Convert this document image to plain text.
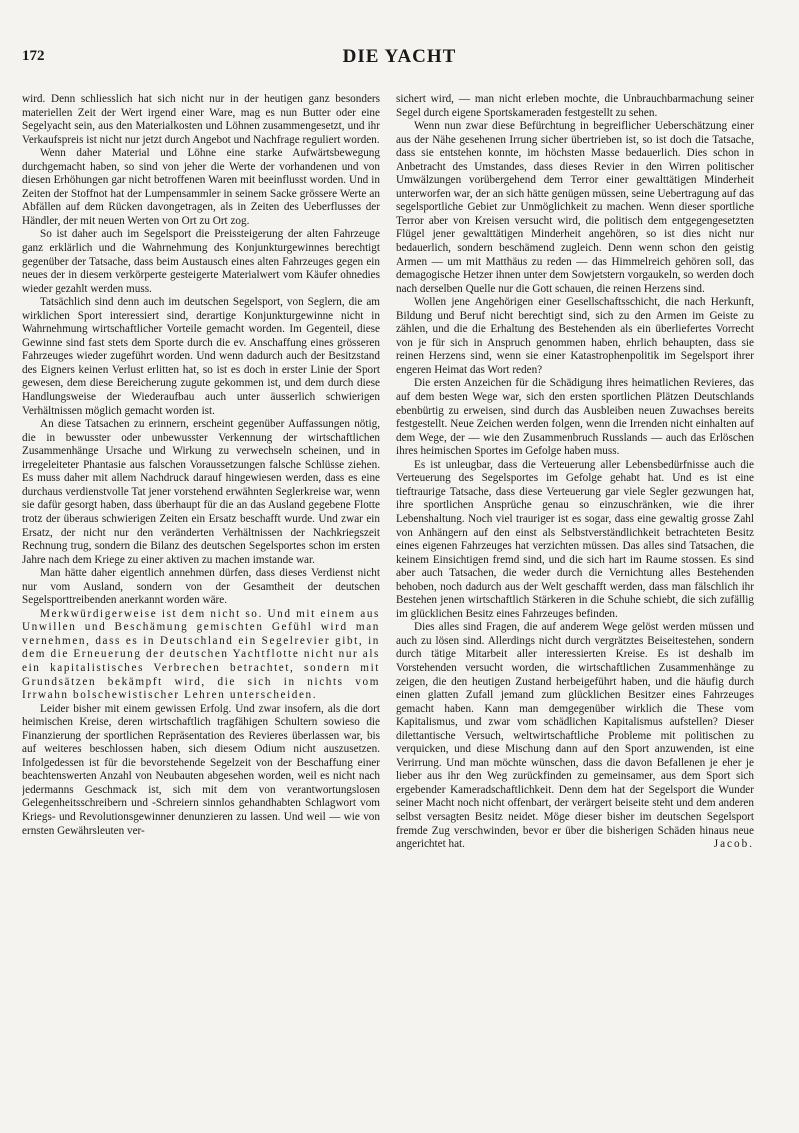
172	DIE YACHT

wird. Denn schliesslich hat sich nicht nur in der heutigen ganz besonders materiellen Zeit der Wert irgend einer Ware, mag es nun Butter oder eine Segelyacht sein, aus den Materialkosten und Löhnen zusammengesetzt, und ihr Verkaufspreis ist nicht nur jetzt durch Angebot und Nachfrage reguliert worden.

Wenn daher Material und Löhne eine starke Aufwärtsbewegung durchgemacht haben, so sind von jeher die Werte der vorhandenen und von diesen Erhöhungen gar nicht betroffenen Waren mit beeinflusst worden. Und in Zeiten der Stoffnot hat der Lumpensammler in seinem Sacke grössere Werte an Abfällen auf dem Rücken davongetragen, als in Zeiten des Ueberflusses der Händler, der mit neuen Werten von Ort zu Ort zog.

So ist daher auch im Segelsport die Preissteigerung der alten Fahrzeuge ganz erklärlich und die Wahrnehmung des Konjunkturgewinnes berechtigt gegenüber der Tatsache, dass beim Austausch eines alten Fahrzeuges gegen ein neues der in diesem verkörperte gesteigerte Materialwert vom Käufer ohnedies wieder gezahlt werden muss.

Tatsächlich sind denn auch im deutschen Segelsport, von Seglern, die am wirklichen Sport interessiert sind, derartige Konjunkturgewinne nicht in Wahrnehmung wirtschaftlicher Vorteile gemacht worden. Im Gegenteil, diese Gewinne sind fast stets dem Sporte durch die ev. Anschaffung eines grösseren Fahrzeuges wieder zugeführt worden. Und wenn dadurch auch der Besitzstand des Eigners keinen Verlust erlitten hat, so ist es doch in erster Linie der Sport gewesen, dem diese Bereicherung zugute gekommen ist, und dem durch diese Handlungsweise der Wiederaufbau auch unter äusserlich schwierigen Verhältnissen möglich gemacht worden ist.

An diese Tatsachen zu erinnern, erscheint gegenüber Auffassungen nötig, die in bewusster oder unbewusster Verkennung der wirtschaftlichen Zusammenhänge Ursache und Wirkung zu verwechseln scheinen, und in irregeleiteter Phantasie aus falschen Voraussetzungen falsche Schlüsse ziehen. Es muss daher mit allem Nachdruck darauf hingewiesen werden, dass es eine durchaus verdienstvolle Tat jener vorstehend erwähnten Seglerkreise war, wenn sie dafür gesorgt haben, dass überhaupt für die an das Ausland gegebene Flotte trotz der überaus schwierigen Zeiten ein Ersatz beschafft wurde. Und zwar ein Ersatz, der nicht nur den veränderten Verhältnissen der Nachkriegszeit Rechnung trug, sondern die Bilanz des deutschen Segelsportes schon im ersten Jahre nach dem Kriege zu einer aktiven zu machen imstande war.

Man hätte daher eigentlich annehmen dürfen, dass dieses Verdienst nicht nur vom Ausland, sondern von der Gesamtheit der deutschen Segelsporttreibenden anerkannt worden wäre.

Merkwürdigerweise ist dem nicht so. Und mit einem aus Unwillen und Beschämung gemischten Gefühl wird man vernehmen, dass es in Deutschland ein Segelrevier gibt, in dem die Erneuerung der deutschen Yachtflotte nicht nur als ein kapitalistisches Verbrechen betrachtet, sondern mit Grundsätzen bekämpft wird, die sich in nichts vom Irrwahn bolschewistischer Lehren unterscheiden.

Leider bisher mit einem gewissen Erfolg. Und zwar insofern, als die dort heimischen Kreise, deren wirtschaftlich tragfähigen Schultern sowieso die Finanzierung der sportlichen Repräsentation des Revieres überlassen war, bis auf weiteres beschlossen haben, sich diesem Odium nicht auszusetzen. Infolgedessen ist für die bevorstehende Segelzeit von der Beschaffung einer beachtenswerten Anzahl von Neubauten abgesehen worden, weil es nicht nach jedermanns Geschmack ist, sich mit dem von verantwortungslosen Gelegenheitsschreibern und -Schreiern sinnlos gehandhabten Schlagwort vom Kriegs- und Revolutionsgewinner denunzieren zu lassen. Und weil — wie von ernsten Gewährsleuten ver-

sichert wird, — man nicht erleben mochte, die Unbrauchbarmachung seiner Segel durch eigene Sportskameraden festgestellt zu sehen.

Wenn nun zwar diese Befürchtung in begreiflicher Ueberschätzung einer aus der Nähe gesehenen Irrung sicher übertrieben ist, so ist doch die Tatsache, dass sie entstehen konnte, im höchsten Masse bedauerlich. Dies schon in Anbetracht des Umstandes, dass dieses Revier in den Wirren politischer Umwälzungen vorübergehend dem Terror einer gewalttätigen Minderheit unterworfen war, der an sich hätte genügen müssen, seine Uebertragung auf das segelsportliche Gebiet zur Unmöglichkeit zu machen. Wenn dieser sportliche Terror aber von Kreisen versucht wird, die politisch dem entgegengesetzten Flügel jener gewalttätigen Minderheit angehören, so ist dies nicht nur bedauerlich, sondern beschämend zugleich. Denn wenn schon den geistig Armen — um mit Matthäus zu reden — das Himmelreich gehören soll, das demagogische Hetzer ihnen unter dem Sowjetstern vorgaukeln, so werden doch nach derselben Quelle nur die Gott schauen, die reinen Herzens sind.

Wollen jene Angehörigen einer Gesellschaftsschicht, die nach Herkunft, Bildung und Beruf nicht berechtigt sind, sich zu den Armen im Geiste zu zählen, und die die Erhaltung des Bestehenden als ein überliefertes Vorrecht von je für sich in Anspruch genommen haben, ehrlich behaupten, dass sie reinen Herzens sind, wenn sie einer Katastrophenpolitik im Segelsport ihrer engeren Heimat das Wort reden?

Die ersten Anzeichen für die Schädigung ihres heimatlichen Revieres, das auf dem besten Wege war, sich den ersten sportlichen Plätzen Deutschlands ebenbürtig zu erweisen, sind durch das Ausbleiben neuen Zuwachses bereits festgestellt. Neue Zeichen werden folgen, wenn die Irrenden nicht einhalten auf dem Wege, der — wie den Zusammenbruch Russlands — auch das Erlöschen ihres heimischen Sportes im Gefolge haben muss.

Es ist unleugbar, dass die Verteuerung aller Lebensbedürfnisse auch die Verteuerung des Segelsportes im Gefolge gehabt hat. Und es ist eine tieftraurige Tatsache, dass diese Verteuerung gar viele Segler gezwungen hat, ihre sportlichen Ansprüche genau so einzuschränken, wie die ihrer Lebenshaltung. Noch viel trauriger ist es sogar, dass eine gewaltig grosse Zahl von Anhängern auf den einst als Selbstverständlichkeit betrachteten Besitz eines eigenen Fahrzeuges hat verzichten müssen. Das alles sind Tatsachen, die keinem Einsichtigen fremd sind, und die sich hart im Raume stossen. Es sind aber auch Tatsachen, die weder durch die Vernichtung alles Bestehenden behoben, noch dadurch aus der Welt geschafft werden, dass man fälschlich ihr Bestehen jenen wirtschaftlich Stärkeren in die Schuhe schiebt, die sich zufällig im glücklichen Besitz eines Fahrzeuges befinden.

Dies alles sind Fragen, die auf anderem Wege gelöst werden müssen und auch zu lösen sind. Allerdings nicht durch vergrätztes Beiseitestehen, sondern durch tätige Mitarbeit aller interessierten Kreise. Es ist deshalb im Vorstehenden versucht worden, die wirtschaftlichen Zusammenhänge zu zeigen, die den heutigen Zustand herbeigeführt haben, und die häufig durch einen glatten Zufall jemand zum glücklichen Besitzer eines Fahrzeuges gemacht haben. Kann man demgegenüber wirklich die These vom Kapitalismus, und zwar vom schädlichen Kapitalismus aufstellen? Dieser dilettantische Versuch, weltwirtschaftliche Probleme mit politischen zu verquicken, und diese Mischung dann auf den Sport anzuwenden, ist eine Verirrung. Und man möchte wünschen, dass die davon Befallenen je eher je lieber aus ihr den Weg zurückfinden zu gemeinsamer, aus dem Sport sich ergebender Kameradschaftlichkeit. Denn dem hat der Segelsport die Wunder seiner Macht noch nicht offenbart, der verärgert beiseite steht und dem anderen selbst versagten Besitz neidet. Möge dieser bisher im deutschen Segelsport fremde Zug verschwinden, bevor er über die bisherigen Schäden hinaus neue angerichtet hat.	Jacob.
